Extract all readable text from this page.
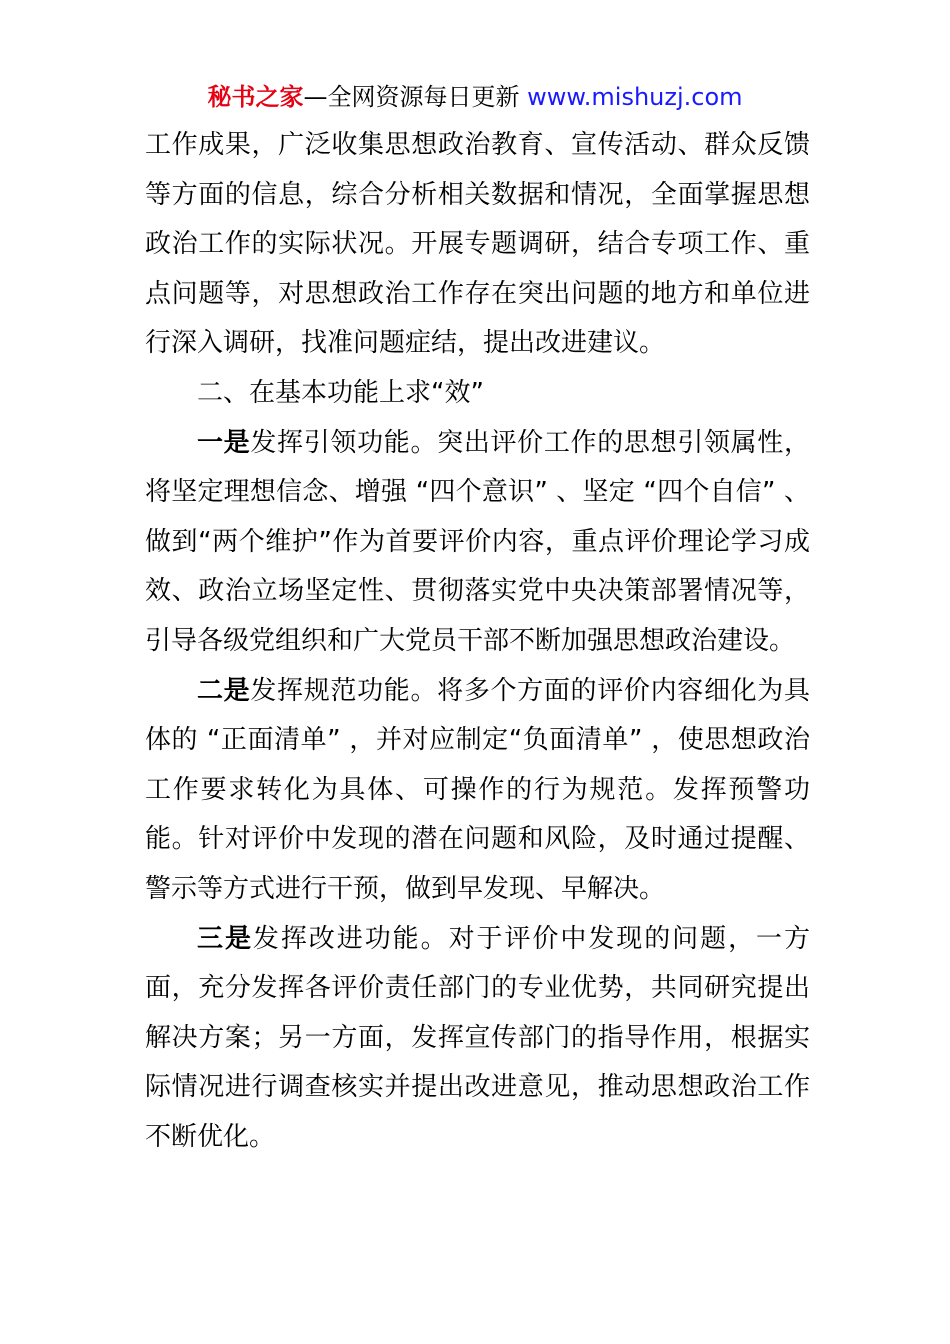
秘书之家—全网资源每日更新 www.mishuzj.com

工作成果，广泛收集思想政治教育、宣传活动、群众反馈等方面的信息，综合分析相关数据和情况，全面掌握思想政治工作的实际状况。开展专题调研，结合专项工作、重点问题等，对思想政治工作存在突出问题的地方和单位进行深入调研，找准问题症结，提出改进建议。

二、在基本功能上求“效”

一是发挥引领功能。突出评价工作的思想引领属性，将坚定理想信念、增强 “四个意识” 、坚定 “四个自信” 、做到“两个维护”作为首要评价内容，重点评价理论学习成效、政治立场坚定性、贯彻落实党中央决策部署情况等，引导各级党组织和广大党员干部不断加强思想政治建设。

二是发挥规范功能。将多个方面的评价内容细化为具体的 “正面清单” ，并对应制定“负面清单” ，使思想政治工作要求转化为具体、可操作的行为规范。发挥预警功能。针对评价中发现的潜在问题和风险，及时通过提醒、警示等方式进行干预，做到早发现、早解决。

三是发挥改进功能。对于评价中发现的问题，一方面，充分发挥各评价责任部门的专业优势，共同研究提出解决方案；另一方面，发挥宣传部门的指导作用，根据实际情况进行调查核实并提出改进意见，推动思想政治工作不断优化。
